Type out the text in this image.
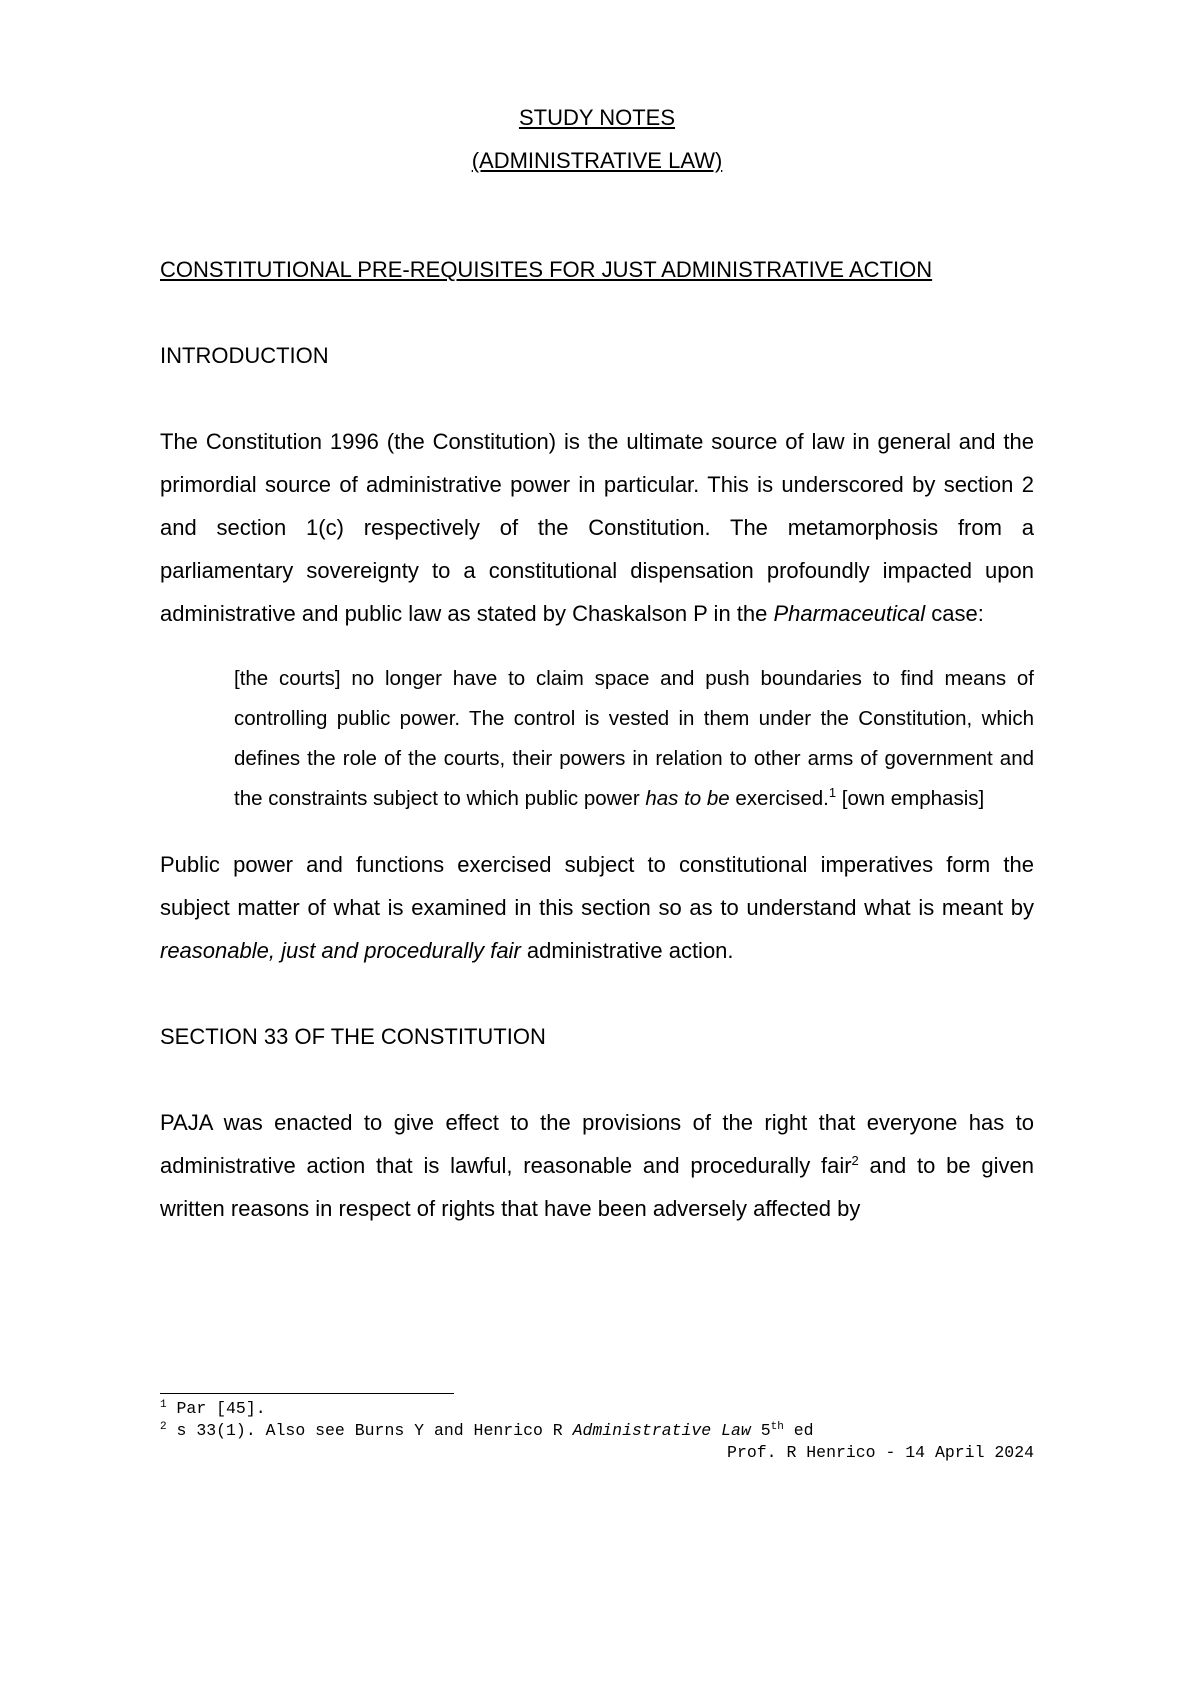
STUDY NOTES

(ADMINISTRATIVE LAW)

CONSTITUTIONAL PRE-REQUISITES FOR JUST ADMINISTRATIVE ACTION

INTRODUCTION

The Constitution 1996 (the Constitution) is the ultimate source of law in general and the primordial source of administrative power in particular. This is underscored by section 2 and section 1(c) respectively of the Constitution. The metamorphosis from a parliamentary sovereignty to a constitutional dispensation profoundly impacted upon administrative and public law as stated by Chaskalson P in the Pharmaceutical case:

[the courts] no longer have to claim space and push boundaries to find means of controlling public power. The control is vested in them under the Constitution, which defines the role of the courts, their powers in relation to other arms of government and the constraints subject to which public power has to be exercised.$^1$ [own emphasis]

Public power and functions exercised subject to constitutional imperatives form the subject matter of what is examined in this section so as to understand what is meant by reasonable, just and procedurally fair administrative action.

SECTION 33 OF THE CONSTITUTION

PAJA was enacted to give effect to the provisions of the right that everyone has to administrative action that is lawful, reasonable and procedurally fair$^2$ and to be given written reasons in respect of rights that have been adversely affected by

$^1$ Par [45].

$^2$ s 33(1). Also see Burns Y and Henrico R Administrative Law 5th ed

Prof. R Henrico - 14 April 2024
